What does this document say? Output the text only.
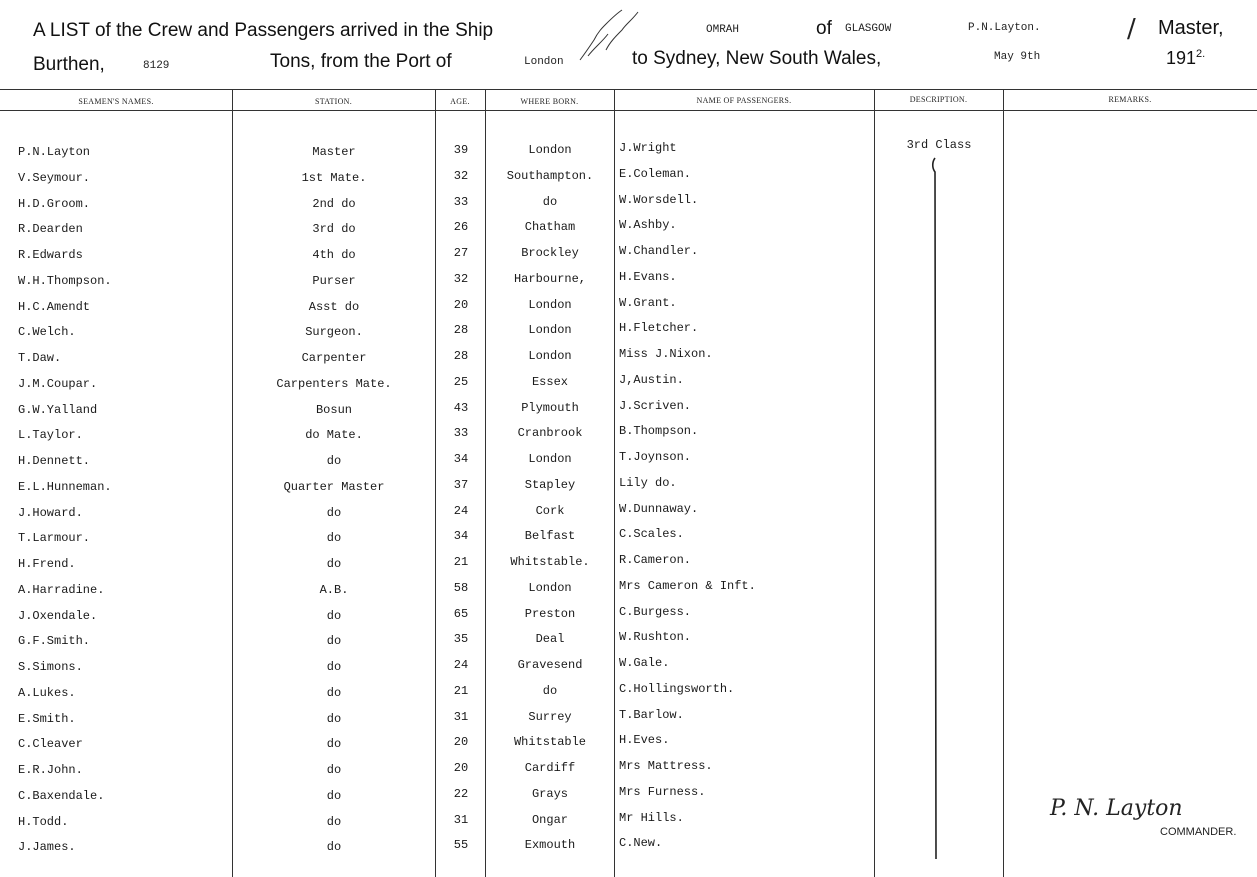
A LIST of the Crew and Passengers arrived in the Ship	OMRAH	of GLASGOW	P.N.Layton.	/ Master,
Burthen,	8129	Tons, from the Port of	London	to Sydney, New South Wales,	May 9th	$191^{2.}$
SEAMEN'S NAMES.	STATION.	AGE.	WHERE BORN.	NAME OF PASSENGERS.	DESCRIPTION.	REMARKS.
P.N.Layton	Master	39	London	J.Wright
V.Seymour.	1st Mate.	32	Southampton.	E.Coleman.
H.D.Groom.	2nd do	33	do	W.Worsdell.
R.Dearden	3rd do	26	Chatham	W.Ashby.
R.Edwards	4th do	27	Brockley	W.Chandler.
W.H.Thompson.	Purser	32	Harbourne,	H.Evans.
H.C.Amendt	Asst do	20	London	W.Grant.
C.Welch.	Surgeon.	28	London	H.Fletcher.
T.Daw.	Carpenter	28	London	Miss J.Nixon.
J.M.Coupar.	Carpenters Mate.	25	Essex	J,Austin.
G.W.Yalland	Bosun	43	Plymouth	J.Scriven.
L.Taylor.	do Mate.	33	Cranbrook	B.Thompson.
H.Dennett.	do	34	London	T.Joynson.
E.L.Hunneman.	Quarter Master	37	Stapley	Lily do.
J.Howard.	do	24	Cork	W.Dunnaway.
T.Larmour.	do	34	Belfast	C.Scales.
H.Frend.	do	21	Whitstable.	R.Cameron.
A.Harradine.	A.B.	58	London	Mrs Cameron & Inft.
J.Oxendale.	do	65	Preston	C.Burgess.
G.F.Smith.	do	35	Deal	W.Rushton.
S.Simons.	do	24	Gravesend	W.Gale.
A.Lukes.	do	21	do	C.Hollingsworth.
E.Smith.	do	31	Surrey	T.Barlow.
C.Cleaver	do	20	Whitstable	H.Eves.
E.R.John.	do	20	Cardiff	Mrs Mattress.
C.Baxendale.	do	22	Grays	Mrs Furness.
H.Todd.	do	31	Ongar	Mr Hills.
J.James.	do	55	Exmouth	C.New.
3rd Class
P. N. Layton
COMMANDER.
